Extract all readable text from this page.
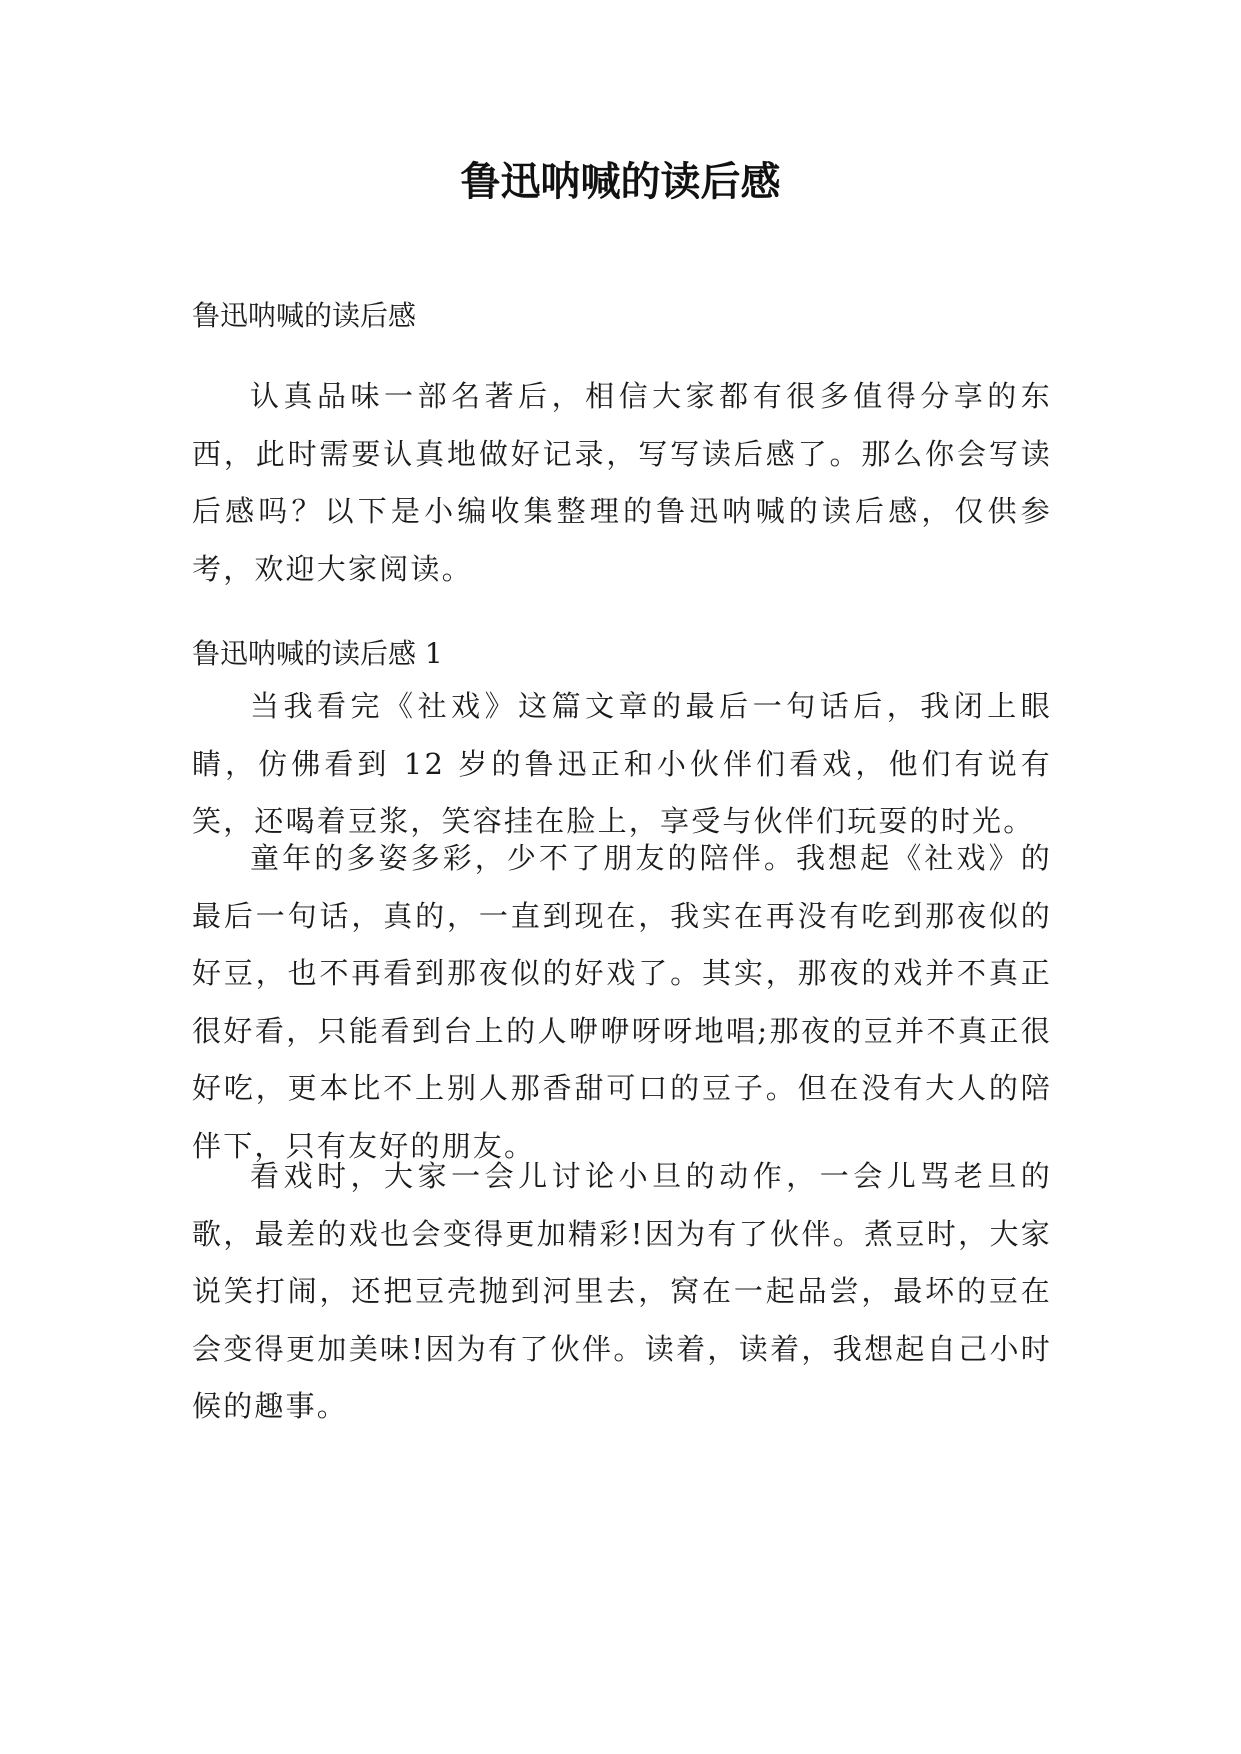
鲁迅呐喊的读后感
鲁迅呐喊的读后感
认真品味一部名著后，相信大家都有很多值得分享的东西，此时需要认真地做好记录，写写读后感了。那么你会写读后感吗？以下是小编收集整理的鲁迅呐喊的读后感，仅供参考，欢迎大家阅读。
鲁迅呐喊的读后感 1
当我看完《社戏》这篇文章的最后一句话后，我闭上眼睛，仿佛看到 12 岁的鲁迅正和小伙伴们看戏，他们有说有笑，还喝着豆浆，笑容挂在脸上，享受与伙伴们玩耍的时光。
童年的多姿多彩，少不了朋友的陪伴。我想起《社戏》的最后一句话，真的，一直到现在，我实在再没有吃到那夜似的好豆，也不再看到那夜似的好戏了。其实，那夜的戏并不真正很好看，只能看到台上的人咿咿呀呀地唱;那夜的豆并不真正很好吃，更本比不上别人那香甜可口的豆子。但在没有大人的陪伴下，只有友好的朋友。
看戏时，大家一会儿讨论小旦的动作，一会儿骂老旦的歌，最差的戏也会变得更加精彩!因为有了伙伴。煮豆时，大家说笑打闹，还把豆壳抛到河里去，窝在一起品尝，最坏的豆在会变得更加美味!因为有了伙伴。读着，读着，我想起自己小时候的趣事。
